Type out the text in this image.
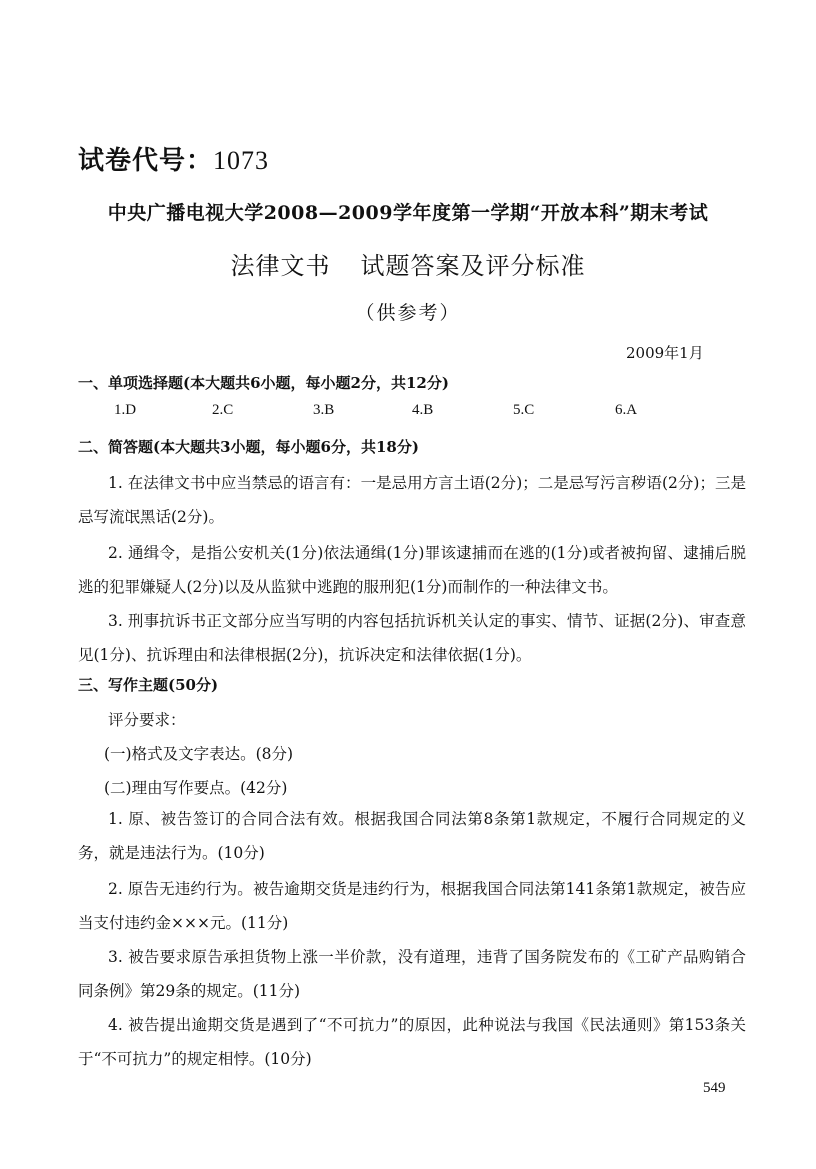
试卷代号：1073
中央广播电视大学2008—2009学年度第一学期“开放本科”期末考试
法律文书 试题答案及评分标准
（供参考）
2009年1月
一、单项选择题(本大题共6小题，每小题2分，共12分)
1.D	2.C	3.B	4.B	5.C	6.A
二、简答题(本大题共3小题，每小题6分，共18分)
1. 在法律文书中应当禁忌的语言有：一是忌用方言土语(2分)；二是忌写污言秽语(2分)；三是忌写流氓黑话(2分)。
2. 通缉令，是指公安机关(1分)依法通缉(1分)罪该逮捕而在逃的(1分)或者被拘留、逮捕后脱逃的犯罪嫌疑人(2分)以及从监狱中逃跑的服刑犯(1分)而制作的一种法律文书。
3. 刑事抗诉书正文部分应当写明的内容包括抗诉机关认定的事实、情节、证据(2分)、审查意见(1分)、抗诉理由和法律根据(2分)，抗诉决定和法律依据(1分)。
三、写作主题(50分)
评分要求：
(一)格式及文字表达。(8分)
(二)理由写作要点。(42分)
1. 原、被告签订的合同合法有效。根据我国合同法第8条第1款规定，不履行合同规定的义务，就是违法行为。(10分)
2. 原告无违约行为。被告逾期交货是违约行为，根据我国合同法第141条第1款规定，被告应当支付违约金×××元。(11分)
3. 被告要求原告承担货物上涨一半价款，没有道理，违背了国务院发布的《工矿产品购销合同条例》第29条的规定。(11分)
4. 被告提出逾期交货是遇到了“不可抗力”的原因，此种说法与我国《民法通则》第153条关于“不可抗力”的规定相悖。(10分)
549
